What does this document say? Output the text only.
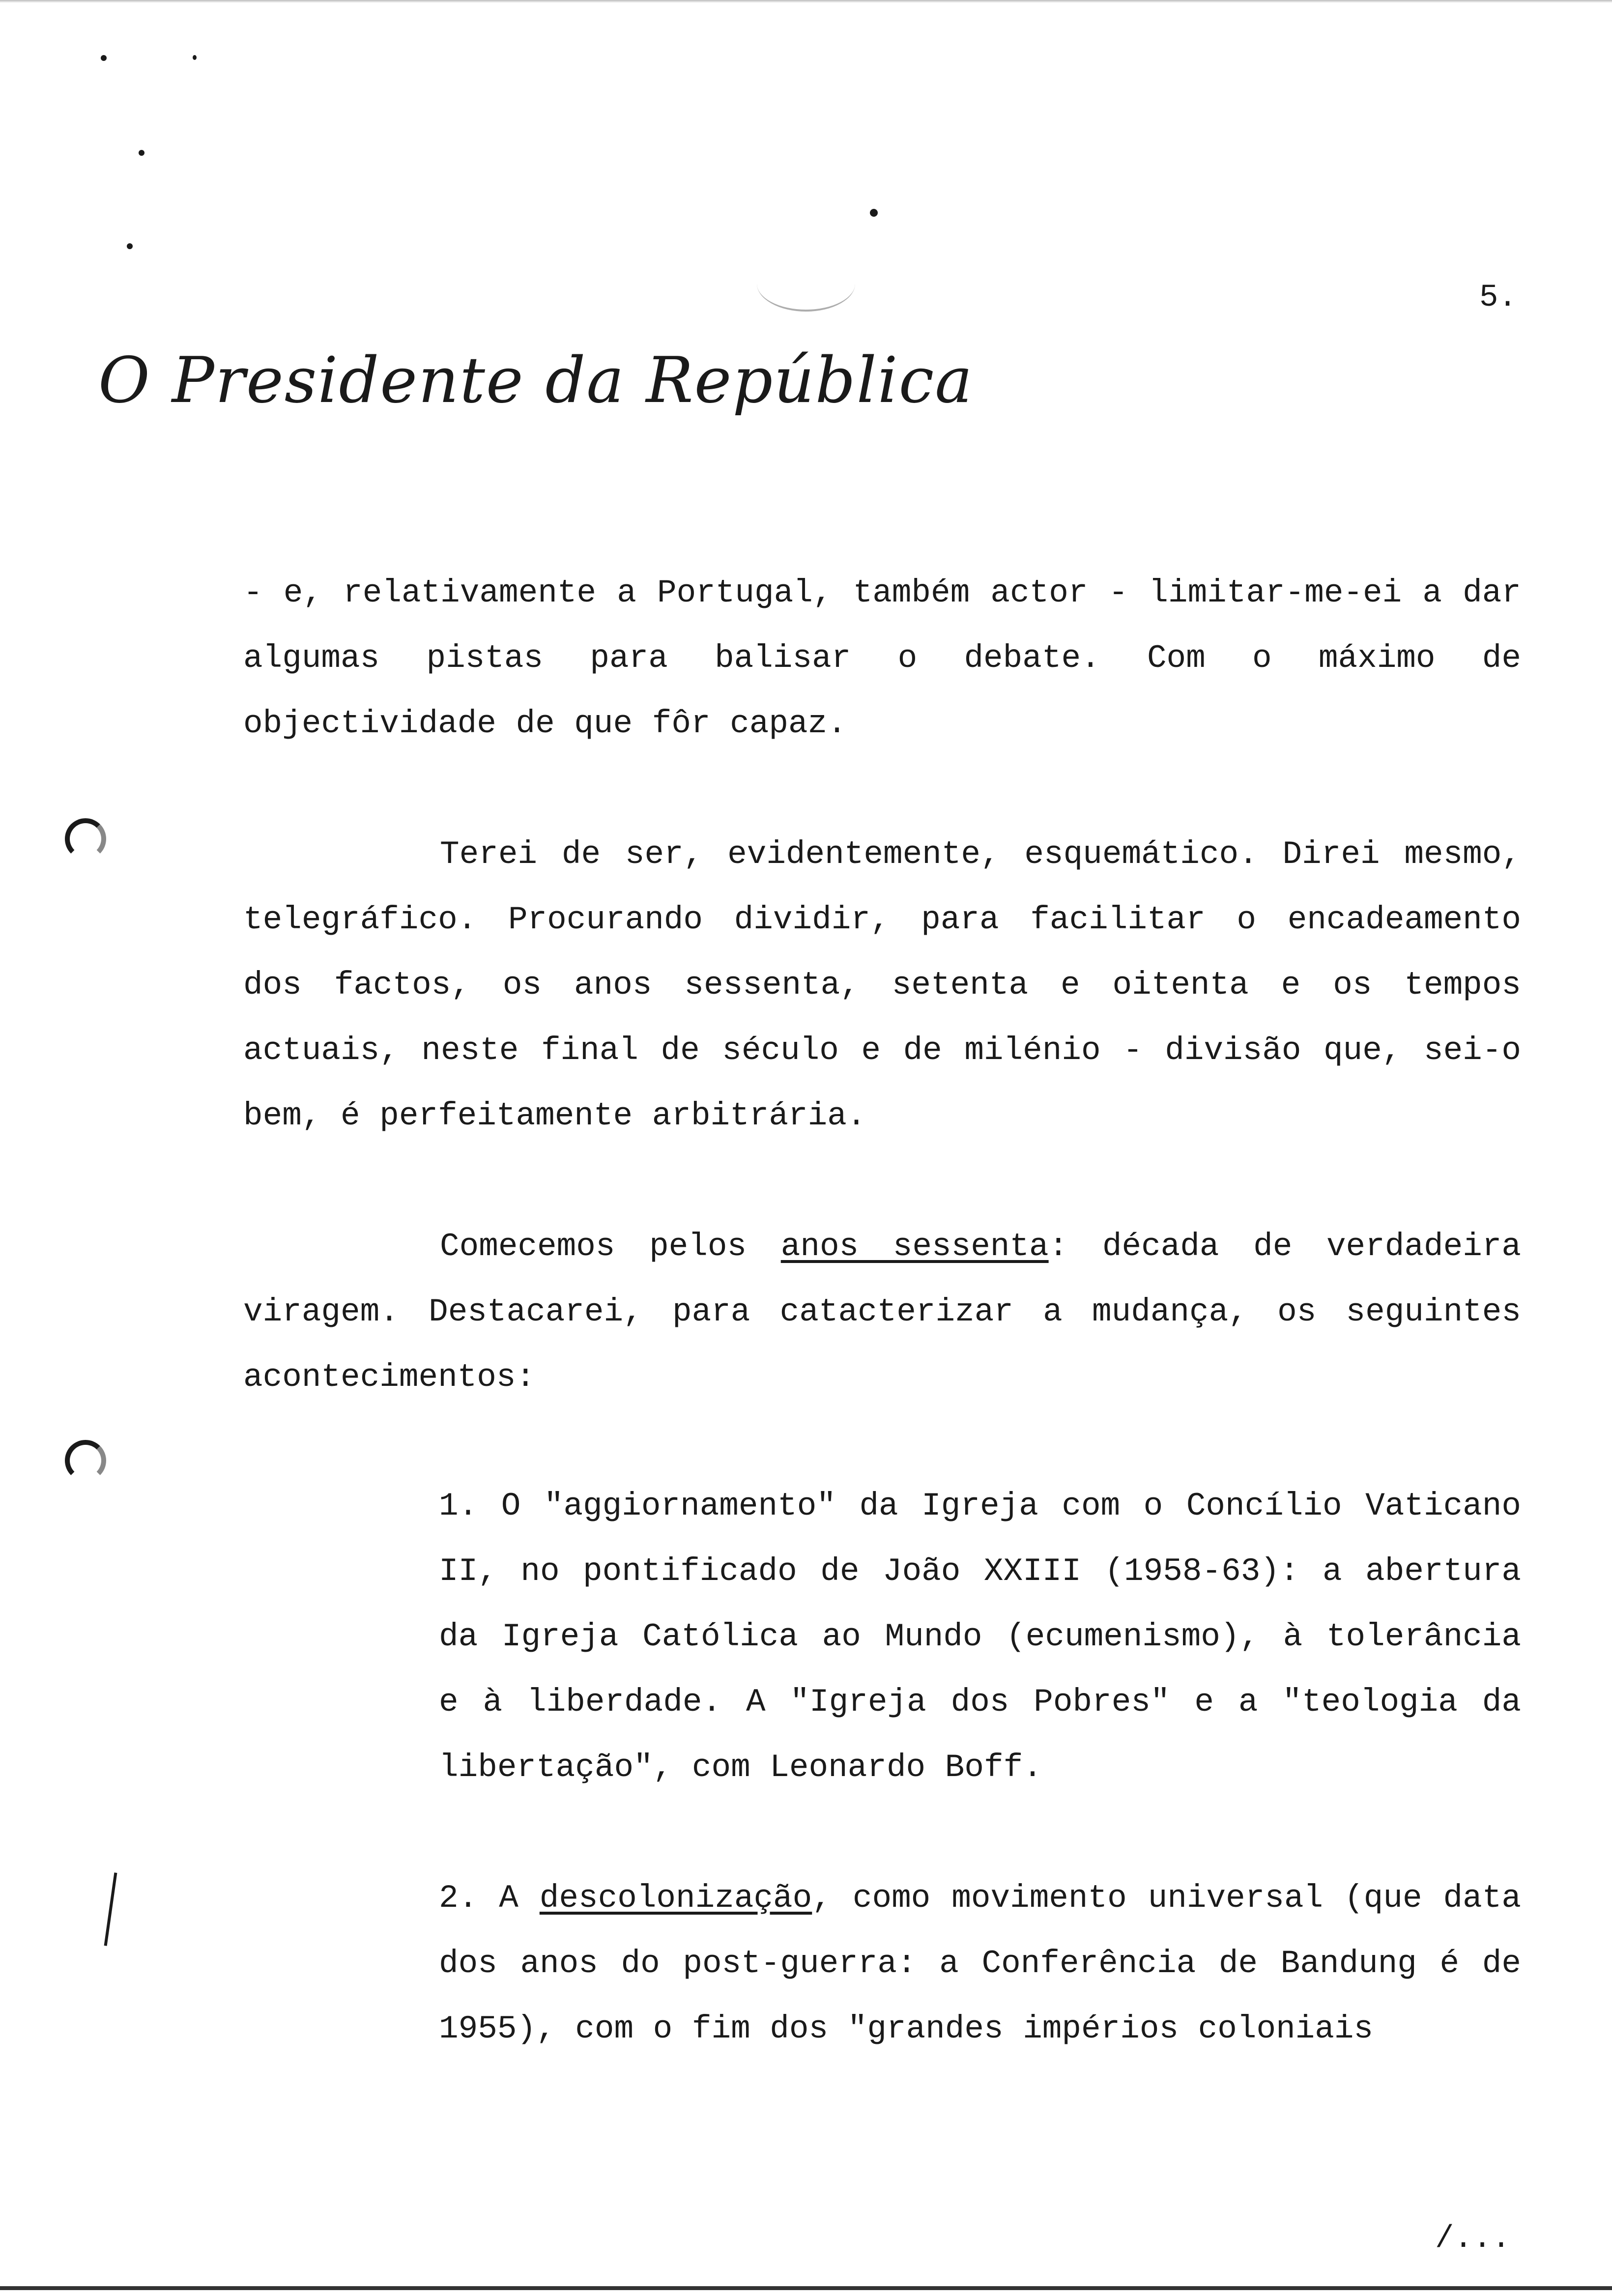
5.
O Presidente da República

- e, relativamente a Portugal, também actor - limitar-me-ei a dar algumas pistas para balisar o debate. Com o máximo de objectividade de que fôr capaz.

Terei de ser, evidentemente, esquemático. Direi mesmo, telegráfico. Procurando dividir, para facilitar o encadeamento dos factos, os anos sessenta, setenta e oitenta e os tempos actuais, neste final de século e de milénio - divisão que, sei-o bem, é perfeitamente arbitrária.

Comecemos pelos anos sessenta: década de verdadeira viragem. Destacarei, para catacterizar a mudança, os seguintes acontecimentos:

1. O "aggiornamento" da Igreja com o Concílio Vaticano II, no pontificado de João XXIII (1958-63): a abertura da Igreja Católica ao Mundo (ecumenismo), à tolerância e à liberdade. A "Igreja dos Pobres" e a "teologia da libertação", com Leonardo Boff.

2. A descolonização, como movimento universal (que data dos anos do post-guerra: a Conferência de Bandung é de 1955), com o fim dos "grandes impérios coloniais

/...
